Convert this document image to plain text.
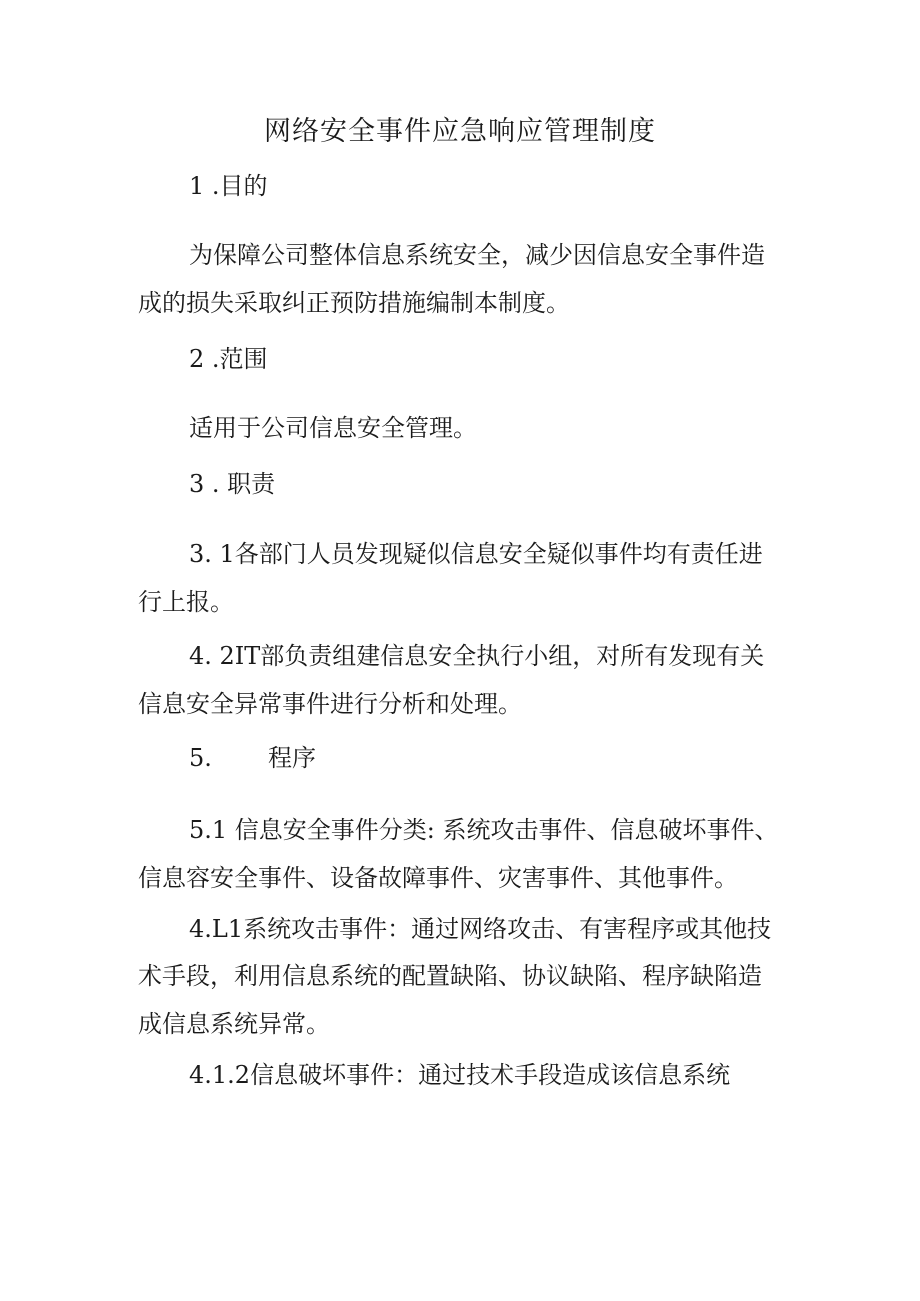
网络安全事件应急响应管理制度
1 .目的
为保障公司整体信息系统安全，减少因信息安全事件造
成的损失采取纠正预防措施编制本制度。
2 .范围
适用于公司信息安全管理。
3 . 职责
3. 1各部门人员发现疑似信息安全疑似事件均有责任进
行上报。
4. 2IT部负责组建信息安全执行小组，对所有发现有关
信息安全异常事件进行分析和处理。
5. 程序
5.1 信息安全事件分类: 系统攻击事件、信息破坏事件、
信息容安全事件、设备故障事件、灾害事件、其他事件。
4.L1系统攻击事件：通过网络攻击、有害程序或其他技
术手段，利用信息系统的配置缺陷、协议缺陷、程序缺陷造
成信息系统异常。
4.1.2信息破坏事件：通过技术手段造成该信息系统
